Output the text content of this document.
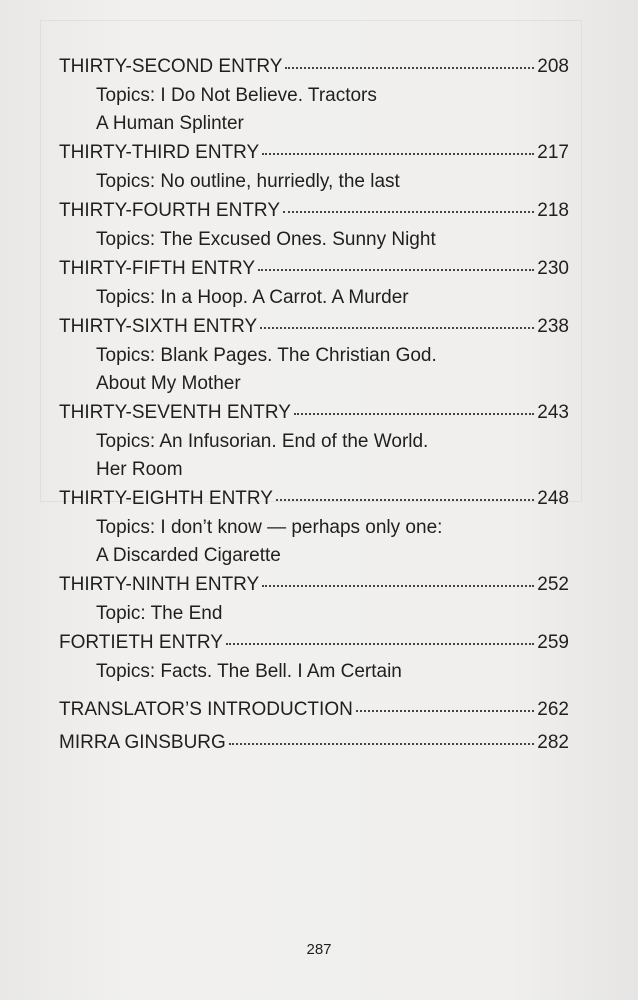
THIRTY-SECOND ENTRY	208
Topics: I Do Not Believe. Tractors
A Human Splinter
THIRTY-THIRD ENTRY	217
Topics: No outline, hurriedly, the last
THIRTY-FOURTH ENTRY	218
Topics: The Excused Ones. Sunny Night
THIRTY-FIFTH ENTRY	230
Topics: In a Hoop. A Carrot. A Murder
THIRTY-SIXTH ENTRY	238
Topics: Blank Pages. The Christian God.
About My Mother
THIRTY-SEVENTH ENTRY	243
Topics: An Infusorian. End of the World.
Her Room
THIRTY-EIGHTH ENTRY	248
Topics: I don’t know — perhaps only one:
A Discarded Cigarette
THIRTY-NINTH ENTRY	252
Topic: The End
FORTIETH ENTRY	259
Topics: Facts. The Bell. I Am Certain
TRANSLATOR’S INTRODUCTION	262
MIRRA GINSBURG	282
287
